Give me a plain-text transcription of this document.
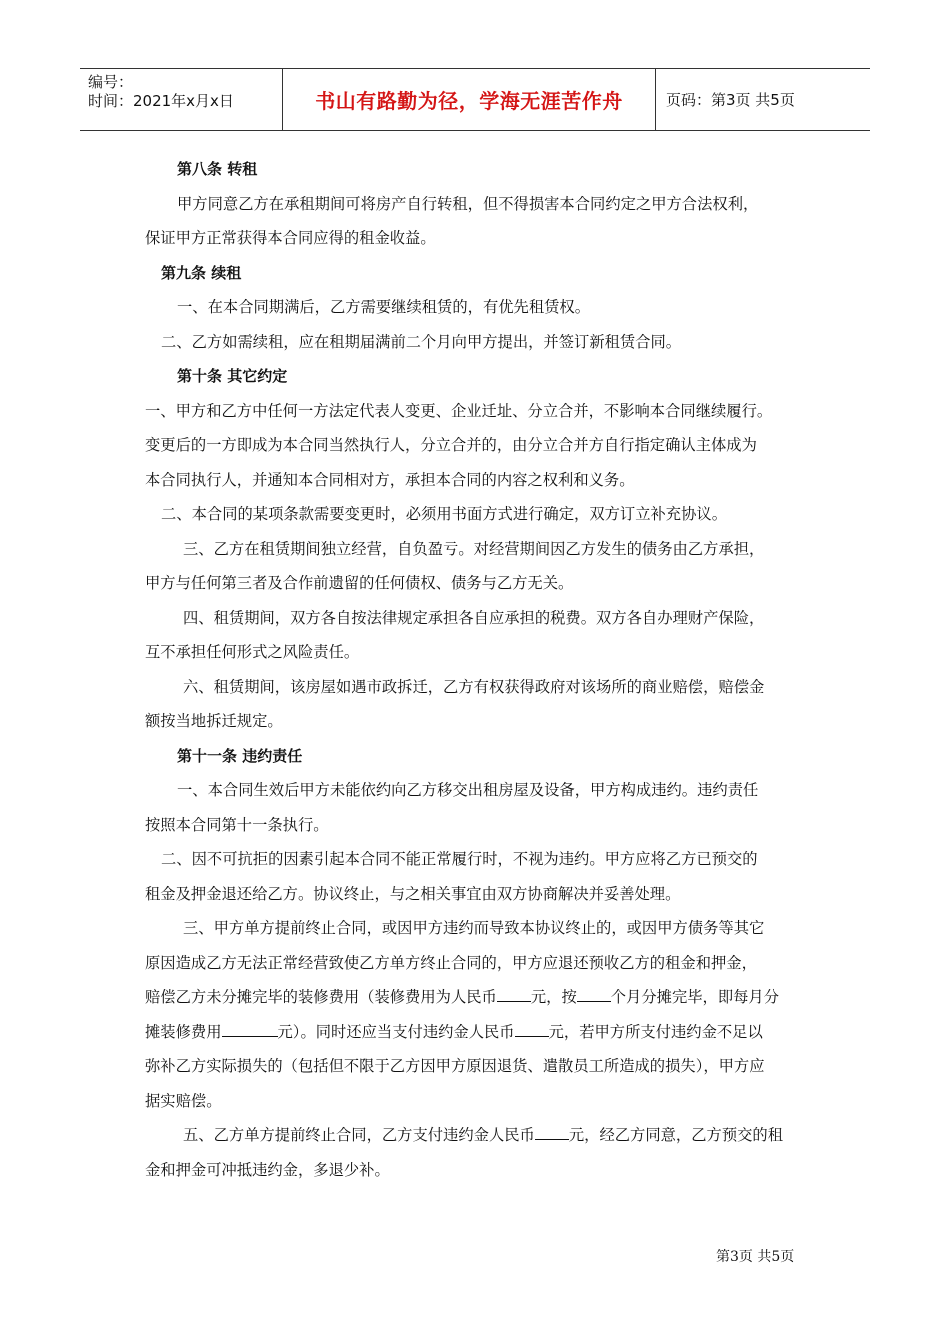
编号：
时间：2021年x月x日	书山有路勤为径，学海无涯苦作舟	页码：第3页 共5页
第八条 转租
甲方同意乙方在承租期间可将房产自行转租，但不得损害本合同约定之甲方合法权利，
保证甲方正常获得本合同应得的租金收益。
第九条 续租
一、在本合同期满后，乙方需要继续租赁的，有优先租赁权。
二、乙方如需续租，应在租期届满前二个月向甲方提出，并签订新租赁合同。
第十条 其它约定
一、甲方和乙方中任何一方法定代表人变更、企业迁址、分立合并，不影响本合同继续履行。
变更后的一方即成为本合同当然执行人，分立合并的，由分立合并方自行指定确认主体成为
本合同执行人，并通知本合同相对方，承担本合同的内容之权利和义务。
二、本合同的某项条款需要变更时，必须用书面方式进行确定，双方订立补充协议。
三、乙方在租赁期间独立经营，自负盈亏。对经营期间因乙方发生的债务由乙方承担，
甲方与任何第三者及合作前遗留的任何债权、债务与乙方无关。
四、租赁期间，双方各自按法律规定承担各自应承担的税费。双方各自办理财产保险，
互不承担任何形式之风险责任。
六、租赁期间，该房屋如遇市政拆迁，乙方有权获得政府对该场所的商业赔偿，赔偿金
额按当地拆迁规定。
第十一条 违约责任
一、本合同生效后甲方未能依约向乙方移交出租房屋及设备，甲方构成违约。违约责任
按照本合同第十一条执行。
二、因不可抗拒的因素引起本合同不能正常履行时，不视为违约。甲方应将乙方已预交的
租金及押金退还给乙方。协议终止，与之相关事宜由双方协商解决并妥善处理。
三、甲方单方提前终止合同，或因甲方违约而导致本协议终止的，或因甲方债务等其它
原因造成乙方无法正常经营致使乙方单方终止合同的，甲方应退还预收乙方的租金和押金，
赔偿乙方未分摊完毕的装修费用（装修费用为人民币 元，按 个月分摊完毕，即每月分
摊装修费用	元）。同时还应当支付违约金人民币 元，若甲方所支付违约金不足以
弥补乙方实际损失的（包括但不限于乙方因甲方原因退货、遣散员工所造成的损失），甲方应
据实赔偿。
五、乙方单方提前终止合同，乙方支付违约金人民币 元，经乙方同意，乙方预交的租
金和押金可冲抵违约金，多退少补。
第3页 共5页
